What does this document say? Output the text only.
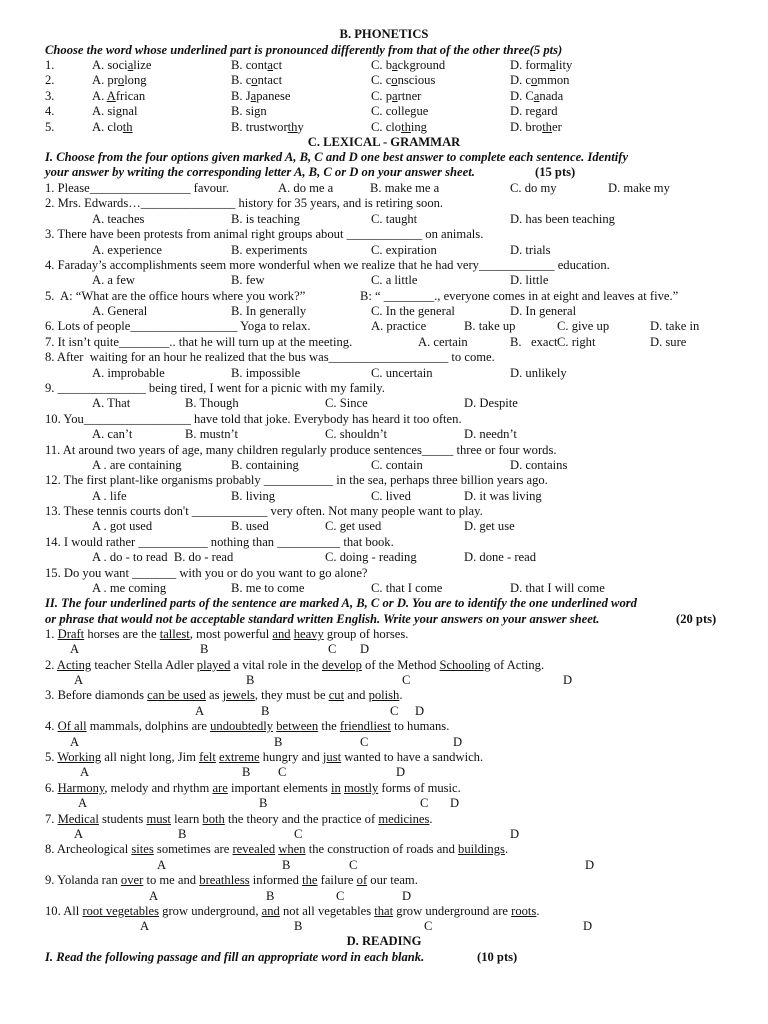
B. PHONETICS
Choose the word whose underlined part is pronounced differently from that of the other three(5 pts)
1.	A. socialize	B. contact	C. background	D. formality
2.	A. prolong	B. contact	C. conscious	D. common
3.	A. African	B. Japanese	C. partner	D. Canada
4.	A. signal	B. sign	C. collegue	D. regard
5.	A. cloth	B. trustworthy	C. clothing	D. brother
C. LEXICAL - GRAMMAR
I. Choose from the four options given marked A, B, C and D one best answer to complete each sentence. Identify
your answer by writing the corresponding letter A, B, C or D on your answer sheet.	(15 pts)
1. Please________________ favour.	A. do me a	B. make me a	C. do my	D. make my
2. Mrs. Edwards…_______________ history for 35 years, and is retiring soon.
A. teaches	B. is teaching	C. taught	D. has been teaching
3. There have been protests from animal right groups about ____________ on animals.
A. experience	B. experiments	C. expiration	D. trials
4. Faraday’s accomplishments seem more wonderful when we realize that he had very____________ education.
A. a few	B. few	C. a little	D. little
5.  A: “What are the office hours where you work?”	B: “ ________., everyone comes in at eight and leaves at five.”
A. General	B. In generally	C. In the general	D. In general
6. Lots of people_________________ Yoga to relax.	A. practice	B. take up	C. give up	D. take in
7. It isn’t quite________.. that he will turn up at the meeting.	A. certain	B.   exact C. right	D. sure
8. After  waiting for an hour he realized that the bus was___________________ to come.
A. improbable	B. impossible	C. uncertain	D. unlikely
9. ______________ being tired, I went for a picnic with my family.
A. That	B. Though	C. Since	D. Despite
10. You_________________ have told that joke. Everybody has heard it too often.
A. can’t	B. mustn’t	C. shouldn’t	D. needn’t
11. At around two years of age, many children regularly produce sentences_____ three or four words.
A . are containing	B. containing	C. contain	D. contains
12. The first plant-like organisms probably ___________ in the sea, perhaps three billion years ago.
A . life	B. living	C. lived	D. it was living
13. These tennis courts don't ____________ very often. Not many people want to play.
A . got used	B. used	C. get used	D. get use
14. I would rather ___________ nothing than __________ that book.
A . do - to read  B. do - read	C. doing - reading	D. done - read
15. Do you want _______ with you or do you want to go alone?
A . me coming	B. me to come	C. that I come	D. that I will come
1. Draft horses are the tallest, most powerful and heavy group of horses.
A	B	C D
2. Acting teacher Stella Adler played a vital role in the develop of the Method Schooling of Acting.
A	B	C	D
3. Before diamonds can be used as jewels, they must be cut and polish.
A	B	C D
4. Of all mammals, dolphins are undoubtedly between the friendliest to humans.
A	B	C	D
5. Working all night long, Jim felt extreme hungry and just wanted to have a sandwich.
A	B C	D
6. Harmony, melody and rhythm are important elements in mostly forms of music.
A	B	C D
7. Medical students must learn both the theory and the practice of medicines.
A	B	C	D
8. Archeological sites sometimes are revealed when the construction of roads and buildings.
A	B	C	D
9. Yolanda ran over to me and breathless informed the failure of our team.
A	B	C	D
10. All root vegetables grow underground, and not all vegetables that grow underground are roots.
A	B	C	D
II. The four underlined parts of the sentence are marked A, B, C or D. You are to identify the one underlined word
or phrase that would not be acceptable standard written English. Write your answers on your answer sheet.	(20 pts)
D. READING
I. Read the following passage and fill an appropriate word in each blank.	(10 pts)
